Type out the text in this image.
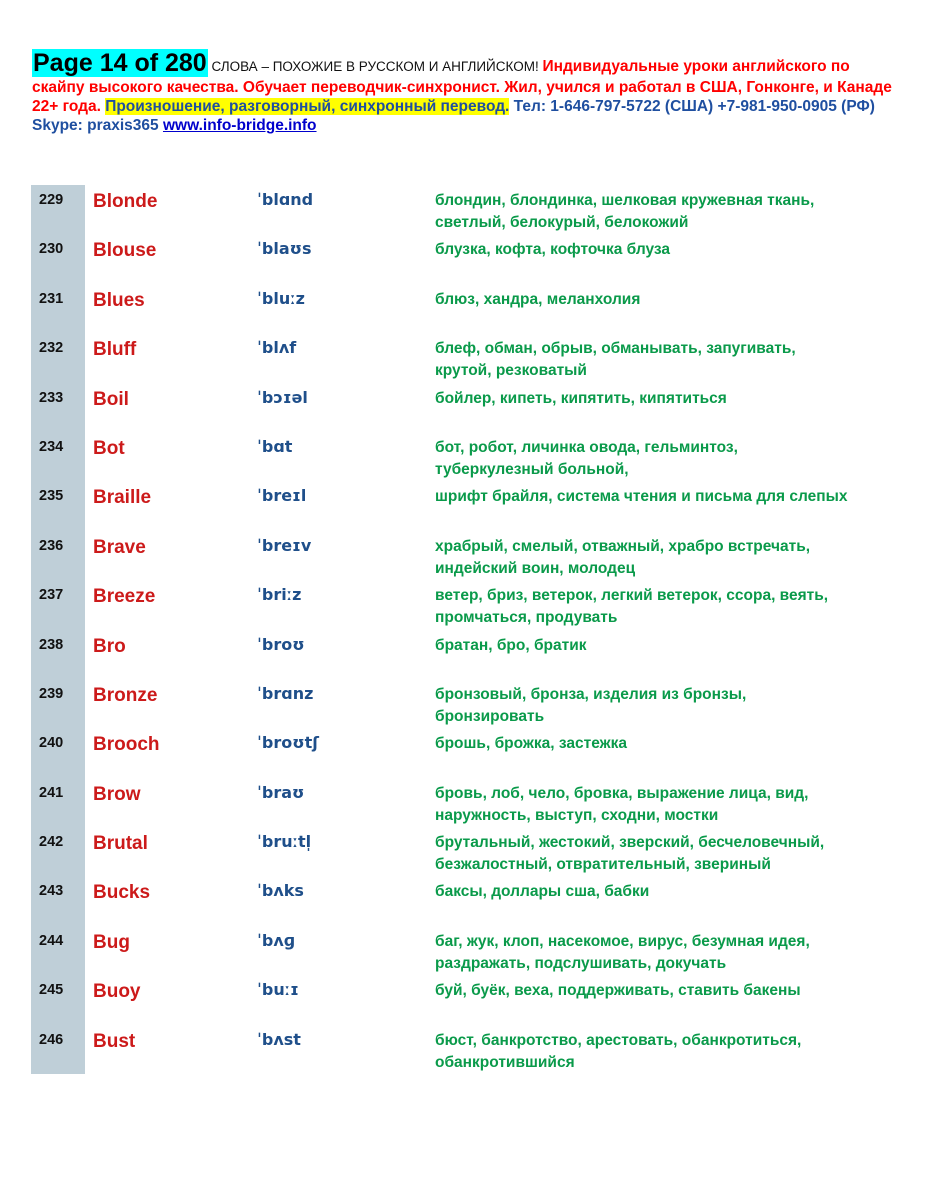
Page 14 of 280 СЛОВА – ПОХОЖИЕ В РУССКОМ И АНГЛИЙСКОМ! Индивидуальные уроки английского по скайпу высокого качества. Обучает переводчик-синхронист. Жил, учился и работал в США, Гонконге, и Канаде 22+ года. Произношение, разговорный, синхронный перевод. Тел: 1-646-797-5722 (США) +7-981-950-0905 (РФ) Skype: praxis365 www.info-bridge.info
229 Blonde	ˈblɑnd	блондин, блондинка, шелковая кружевная ткань, светлый, белокурый, белокожий
230 Blouse	ˈblaʊs	блузка, кофта, кофточка блуза
231 Blues	ˈbluːz	блюз, хандра, меланхолия
232 Bluff	ˈblʌf	блеф, обман, обрыв, обманывать, запугивать, крутой, резковатый
233 Boil	ˈbɔɪəl	бойлер, кипеть, кипятить, кипятиться
234 Bot	ˈbɑt	бот, робот, личинка овода, гельминтоз, туберкулезный больной,
235 Braille	ˈbreɪl	шрифт брайля, система чтения и письма для слепых
236 Brave	ˈbreɪv	храбрый, смелый, отважный, храбро встречать, индейский воин, молодец
237 Breeze	ˈbriːz	ветер, бриз, ветерок, легкий ветерок, ссора, веять, промчаться, продувать
238 Bro	ˈbroʊ	братан, бро, братик
239 Bronze	ˈbrɑnz	бронзовый, бронза, изделия из бронзы, бронзировать
240 Brooch	ˈbroʊtʃ	брошь, брожка, застежка
241 Brow	ˈbraʊ	бровь, лоб, чело, бровка, выражение лица, вид, наружность, выступ, сходни, мостки
242 Brutal	ˈbruːtl̩	брутальный, жестокий, зверский, бесчеловечный, безжалостный, отвратительный, звериный
243 Bucks	ˈbʌks	баксы, доллары сша, бабки
244 Bug	ˈbʌɡ	баг, жук, клоп, насекомое, вирус, безумная идея, раздражать, подслушивать, докучать
245 Buoy	ˈbuːɪ	буй, буёк, веха, поддерживать, ставить бакены
246 Bust	ˈbʌst	бюст, банкротство, арестовать, обанкротиться, обанкротившийся
